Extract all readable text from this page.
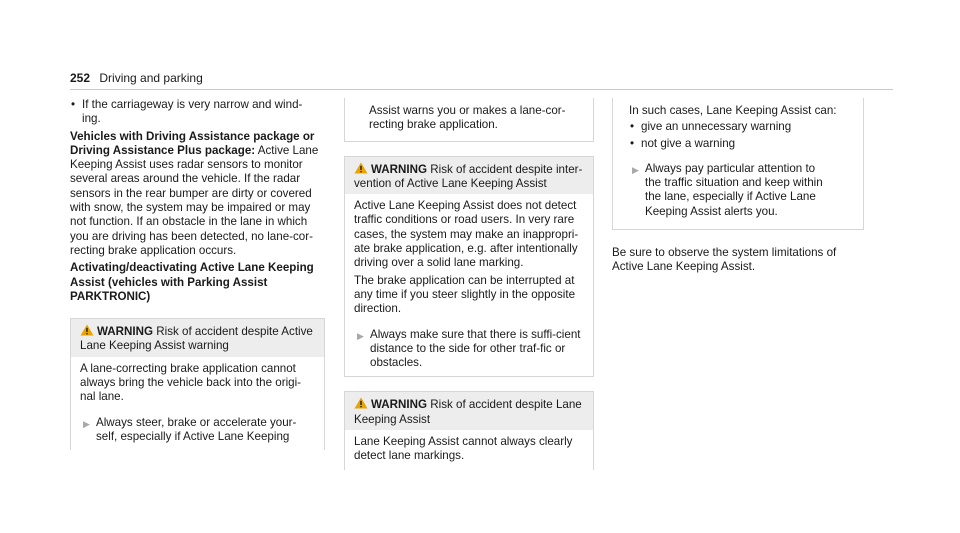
252 Driving and parking
• If the carriageway is very narrow and wind-ing.

Vehicles with Driving Assistance package or Driving Assistance Plus package: Active Lane Keeping Assist uses radar sensors to monitor several areas around the vehicle. If the radar sensors in the rear bumper are dirty or covered with snow, the system may be impaired or may not function. If an obstacle in the lane in which you are driving has been detected, no lane-cor-recting brake application occurs.

Activating/deactivating Active Lane Keeping Assist (vehicles with Parking Assist PARKTRONIC)

WARNING Risk of accident despite Active Lane Keeping Assist warning

A lane-correcting brake application cannot always bring the vehicle back into the origi-nal lane.

▶ Always steer, brake or accelerate your-self, especially if Active Lane Keeping

Assist warns you or makes a lane-cor-recting brake application.

WARNING Risk of accident despite inter-vention of Active Lane Keeping Assist

Active Lane Keeping Assist does not detect traffic conditions or road users. In very rare cases, the system may make an inappropri-ate brake application, e.g. after intentionally driving over a solid lane marking.

The brake application can be interrupted at any time if you steer slightly in the opposite direction.

▶ Always make sure that there is suffi-cient distance to the side for other traf-fic or obstacles.
WARNING Risk of accident despite Lane Keeping Assist

Lane Keeping Assist cannot always clearly detect lane markings.

In such cases, Lane Keeping Assist can:

• give an unnecessary warning
• not give a warning
▶ Always pay particular attention to the traffic situation and keep within the lane, especially if Active Lane Keeping Assist alerts you.

Be sure to observe the system limitations of Active Lane Keeping Assist.
